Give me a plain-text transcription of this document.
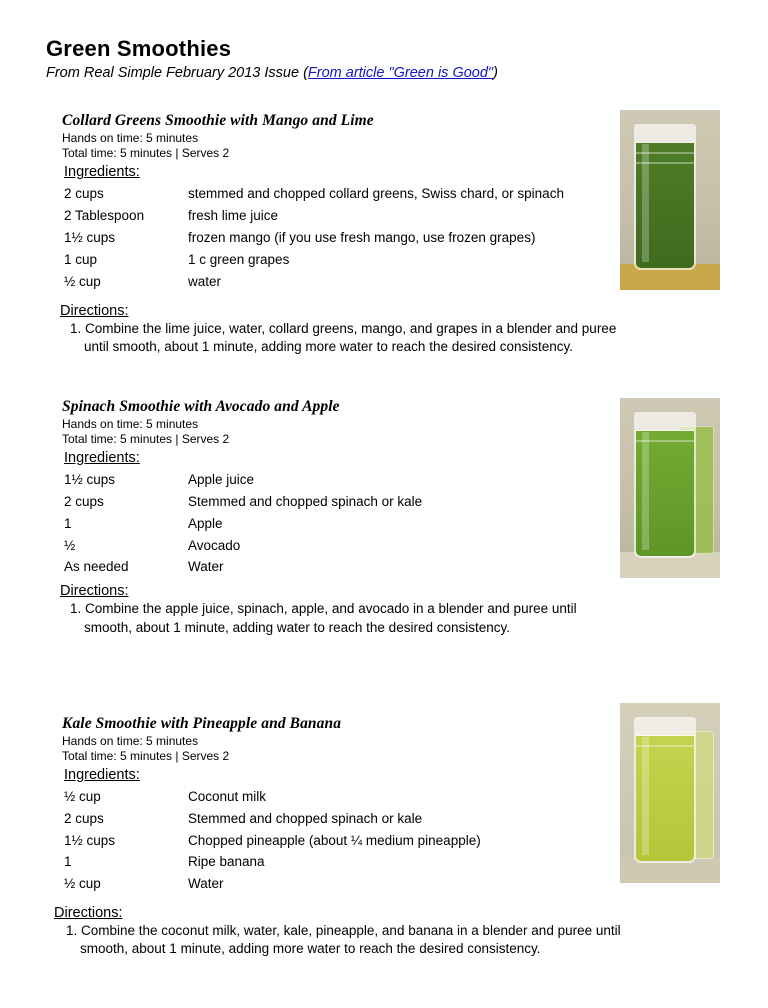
Green Smoothies
From Real Simple February 2013 Issue (From article "Green is Good")
Collard Greens Smoothie with Mango and Lime
Hands on time: 5 minutes
Total time: 5 minutes | Serves 2
Ingredients:
2 cups	stemmed and chopped collard greens, Swiss chard, or spinach
2 Tablespoon	fresh lime juice
1½ cups	frozen mango (if you use fresh mango, use frozen grapes)
1 cup	1 c green grapes
½ cup	water
Directions:
1. Combine the lime juice, water, collard greens, mango, and grapes in a blender and puree until smooth, about 1 minute, adding more water to reach the desired consistency.
Spinach Smoothie with Avocado and Apple
Hands on time: 5 minutes
Total time: 5 minutes | Serves 2
Ingredients:
1½ cups	Apple juice
2 cups	Stemmed and chopped spinach or kale
1	Apple
½	Avocado
As needed	Water
Directions:
1. Combine the apple juice, spinach, apple, and avocado in a blender and puree until smooth, about 1 minute, adding water to reach the desired consistency.
Kale Smoothie with Pineapple and Banana
Hands on time: 5 minutes
Total time: 5 minutes | Serves 2
Ingredients:
½ cup	Coconut milk
2 cups	Stemmed and chopped spinach or kale
1½ cups	Chopped pineapple (about ¼ medium pineapple)
1	Ripe banana
½ cup	Water
Directions:
1. Combine the coconut milk, water, kale, pineapple, and banana in a blender and puree until smooth, about 1 minute, adding more water to reach the desired consistency.
